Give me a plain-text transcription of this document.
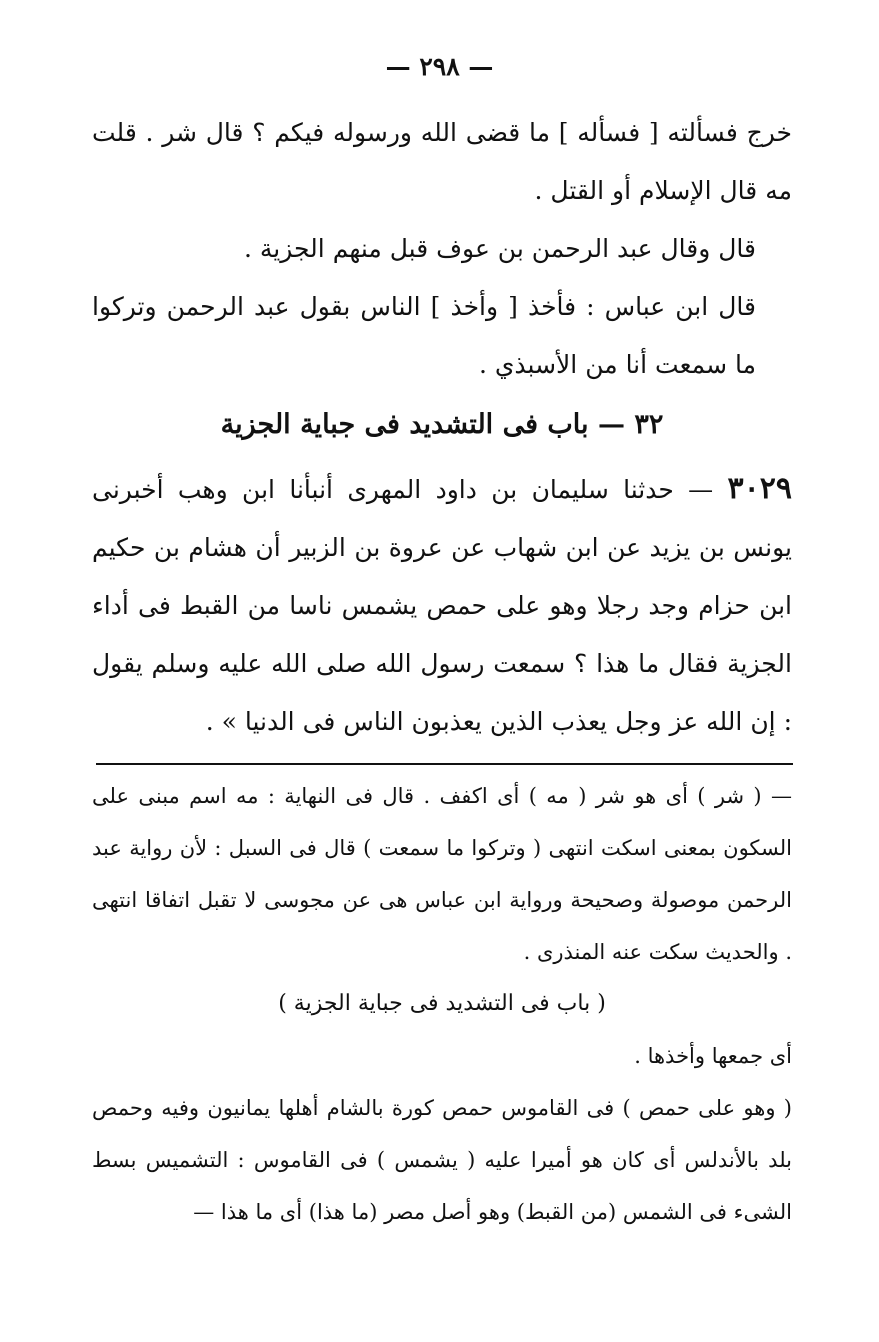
— ٢٩٨ —

خرج فسألته [ فسأله ] ما قضى الله ورسوله فيكم ؟ قال شر . قلت مه قال الإسلام أو القتل .

قال وقال عبد الرحمن بن عوف قبل منهم الجزية .

قال ابن عباس : فأخذ [ وأخذ ] الناس بقول عبد الرحمن وتركوا ما سمعت أنا من الأسبذي .

٣٢ — باب فى التشديد فى جباية الجزية

٣٠٢٩ — حدثنا سليمان بن داود المهرى أنبأنا ابن وهب أخبرنى يونس بن يزيد عن ابن شهاب عن عروة بن الزبير أن هشام بن حكيم ابن حزام وجد رجلا وهو على حمص يشمس ناسا من القبط فى أداء الجزية فقال ما هذا ؟ سمعت رسول الله صلى الله عليه وسلم يقول : إن الله عز وجل يعذب الذين يعذبون الناس فى الدنيا » .

— ( شر ) أى هو شر ( مه ) أى اكفف . قال فى النهاية : مه اسم مبنى على السكون بمعنى اسكت انتهى ( وتركوا ما سمعت ) قال فى السبل : لأن رواية عبد الرحمن موصولة وصحيحة ورواية ابن عباس هى عن مجوسى لا تقبل اتفاقا انتهى . والحديث سكت عنه المنذرى .

( باب فى التشديد فى جباية الجزية )

أى جمعها وأخذها .

( وهو على حمص ) فى القاموس حمص كورة بالشام أهلها يمانيون وفيه وحمص بلد بالأندلس أى كان هو أميرا عليه ( يشمس ) فى القاموس : التشميس بسط الشىء فى الشمس (من القبط) وهو أصل مصر (ما هذا) أى ما هذا —
